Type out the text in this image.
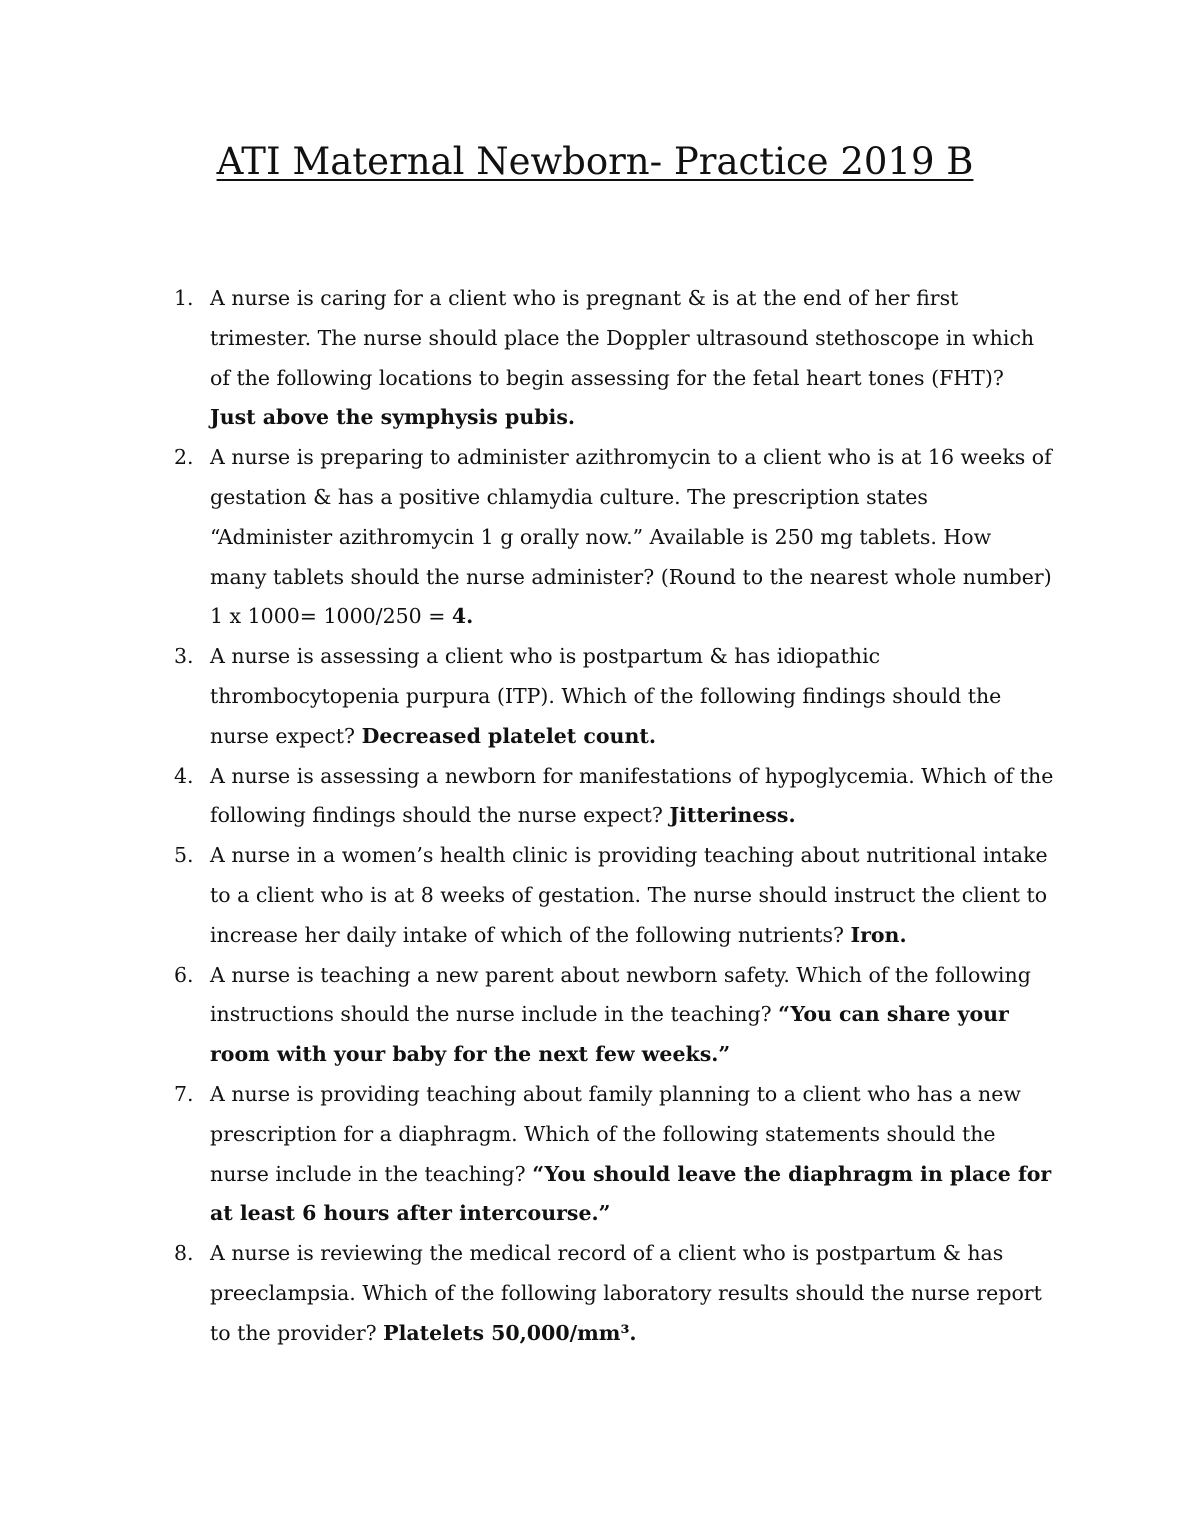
ATI Maternal Newborn- Practice 2019 B
1. A nurse is caring for a client who is pregnant & is at the end of her first trimester. The nurse should place the Doppler ultrasound stethoscope in which of the following locations to begin assessing for the fetal heart tones (FHT)? Just above the symphysis pubis.
2. A nurse is preparing to administer azithromycin to a client who is at 16 weeks of gestation & has a positive chlamydia culture. The prescription states “Administer azithromycin 1 g orally now.” Available is 250 mg tablets. How many tablets should the nurse administer? (Round to the nearest whole number) 1 x 1000= 1000/250 = 4.
3. A nurse is assessing a client who is postpartum & has idiopathic thrombocytopenia purpura (ITP). Which of the following findings should the nurse expect? Decreased platelet count.
4. A nurse is assessing a newborn for manifestations of hypoglycemia. Which of the following findings should the nurse expect? Jitteriness.
5. A nurse in a women’s health clinic is providing teaching about nutritional intake to a client who is at 8 weeks of gestation. The nurse should instruct the client to increase her daily intake of which of the following nutrients? Iron.
6. A nurse is teaching a new parent about newborn safety. Which of the following instructions should the nurse include in the teaching? “You can share your room with your baby for the next few weeks.”
7. A nurse is providing teaching about family planning to a client who has a new prescription for a diaphragm. Which of the following statements should the nurse include in the teaching? “You should leave the diaphragm in place for at least 6 hours after intercourse.”
8. A nurse is reviewing the medical record of a client who is postpartum & has preeclampsia. Which of the following laboratory results should the nurse report to the provider? Platelets 50,000/mm³.
